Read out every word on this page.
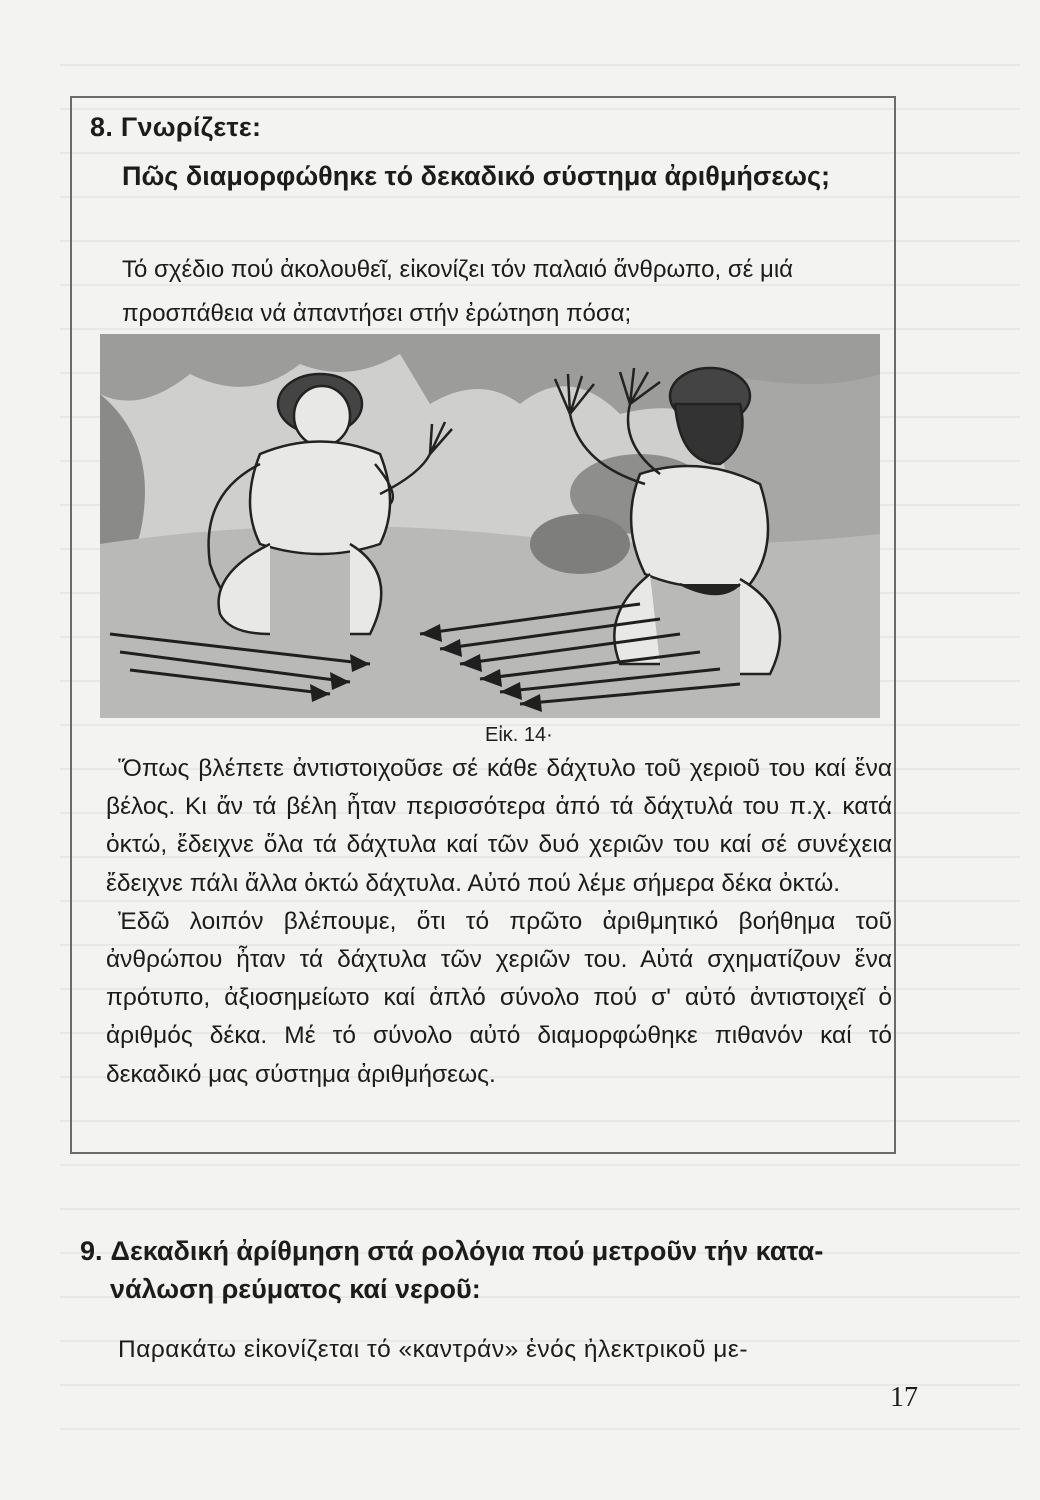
8. Γνωρίζετε:
Πῶς διαμορφώθηκε τό δεκαδικό σύστημα ἀριθμήσεως;
Τό σχέδιο πού ἀκολουθεῖ, εἰκονίζει τόν παλαιό ἄνθρωπο, σέ μιά προσπάθεια νά ἀπαντήσει στήν ἐρώτηση πόσα;
Εἰκ. 14·

Ὅπως βλέπετε ἀντιστοιχοῦσε σέ κάθε δάχτυλο τοῦ χεριοῦ του καί ἕνα βέλος. Κι ἄν τά βέλη ἦταν περισσότερα ἀπό τά δάχτυλά του π.χ. κατά ὀκτώ, ἔδειχνε ὅλα τά δάχτυλα καί τῶν δυό χεριῶν του καί σέ συνέχεια ἔδειχνε πάλι ἄλλα ὀκτώ δάχτυλα. Αὐτό πού λέμε σήμερα δέκα ὀκτώ.

Ἐδῶ λοιπόν βλέπουμε, ὅτι τό πρῶτο ἀριθμητικό βοήθημα τοῦ ἀνθρώπου ἦταν τά δάχτυλα τῶν χεριῶν του. Αὐτά σχηματίζουν ἕνα πρότυπο, ἀξιοσημείωτο καί ἁπλό σύνολο πού σ' αὐτό ἀντιστοιχεῖ ὁ ἀριθμός δέκα. Μέ τό σύνολο αὐτό διαμορφώθηκε πιθανόν καί τό δεκαδικό μας σύστημα ἀριθμήσεως.

9. Δεκαδική ἀρίθμηση στά ρολόγια πού μετροῦν τήν κατα-
νάλωση ρεύματος καί νεροῦ:
Παρακάτω εἰκονίζεται τό «καντράν» ἑνός ἠλεκτρικοῦ με-
17
